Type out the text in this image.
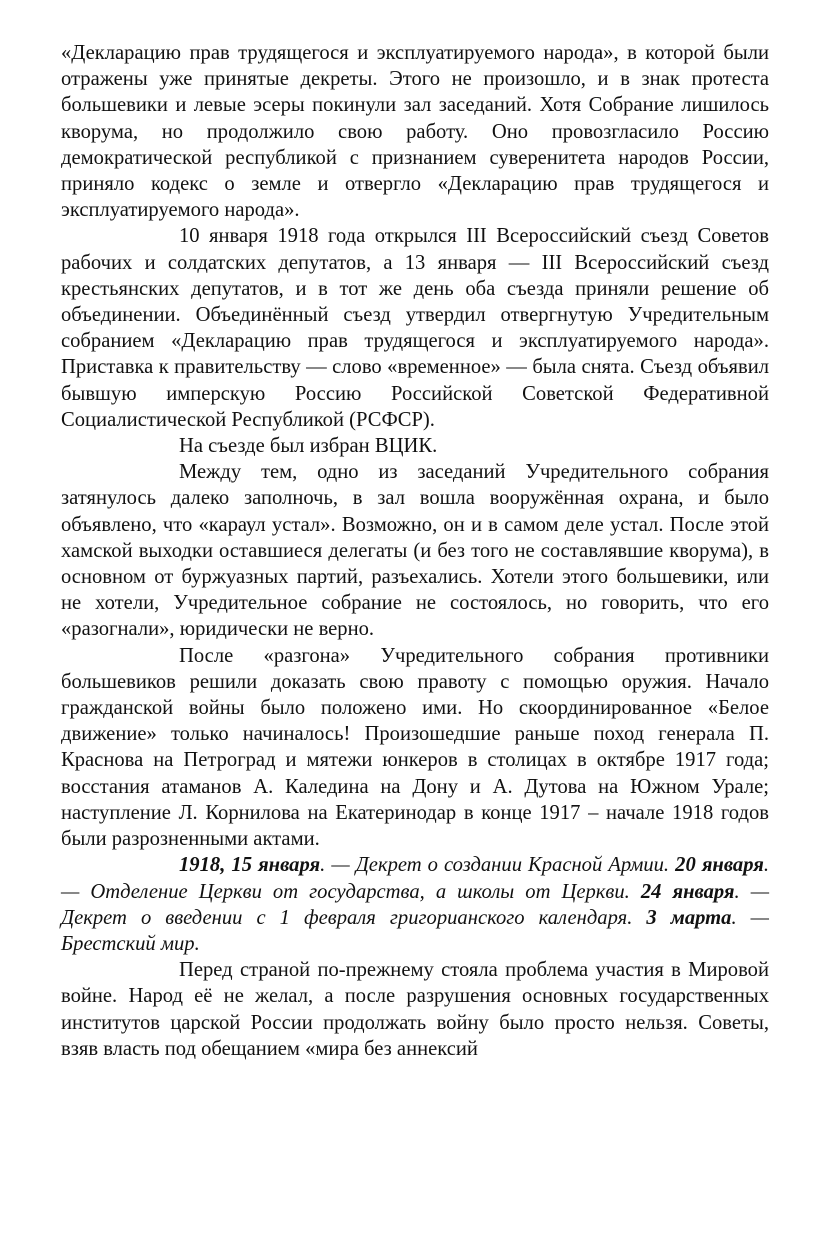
«Декларацию прав трудящегося и эксплуатируемого народа», в которой были отражены уже принятые декреты. Этого не произошло, и в знак протеста большевики и левые эсеры покинули зал заседаний. Хотя Собрание лишилось кворума, но продолжило свою работу. Оно провозгласило Россию демократической республикой с признанием суверенитета народов России, приняло кодекс о земле и отвергло «Декларацию прав трудящегося и эксплуатируемого народа».

10 января 1918 года открылся III Всероссийский съезд Советов рабочих и солдатских депутатов, а 13 января — III Всероссийский съезд крестьянских депутатов, и в тот же день оба съезда приняли решение об объединении. Объединённый съезд утвердил отвергнутую Учредительным собранием «Декларацию прав трудящегося и эксплуатируемого народа». Приставка к правительству — слово «временное» — была снята. Съезд объявил бывшую имперскую Россию Российской Советской Федеративной Социалистической Республикой (РСФСР).

На съезде был избран ВЦИК.

Между тем, одно из заседаний Учредительного собрания затянулось далеко заполночь, в зал вошла вооружённая охрана, и было объявлено, что «караул устал». Возможно, он и в самом деле устал. После этой хамской выходки оставшиеся делегаты (и без того не составлявшие кворума), в основном от буржуазных партий, разъехались. Хотели этого большевики, или не хотели, Учредительное собрание не состоялось, но говорить, что его «разогнали», юридически не верно.

После «разгона» Учредительного собрания противники большевиков решили доказать свою правоту с помощью оружия. Начало гражданской войны было положено ими. Но скоординированное «Белое движение» только начиналось! Произошедшие раньше поход генерала П. Краснова на Петроград и мятежи юнкеров в столицах в октябре 1917 года; восстания атаманов А. Каледина на Дону и А. Дутова на Южном Урале; наступление Л. Корнилова на Екатеринодар в конце 1917 – начале 1918 годов были разрозненными актами.

1918, 15 января. — Декрет о создании Красной Армии. 20 января. — Отделение Церкви от государства, а школы от Церкви. 24 января. — Декрет о введении с 1 февраля григорианского календаря. 3 марта. — Брестский мир.

Перед страной по-прежнему стояла проблема участия в Мировой войне. Народ её не желал, а после разрушения основных государственных институтов царской России продолжать войну было просто нельзя. Советы, взяв власть под обещанием «мира без аннексий
